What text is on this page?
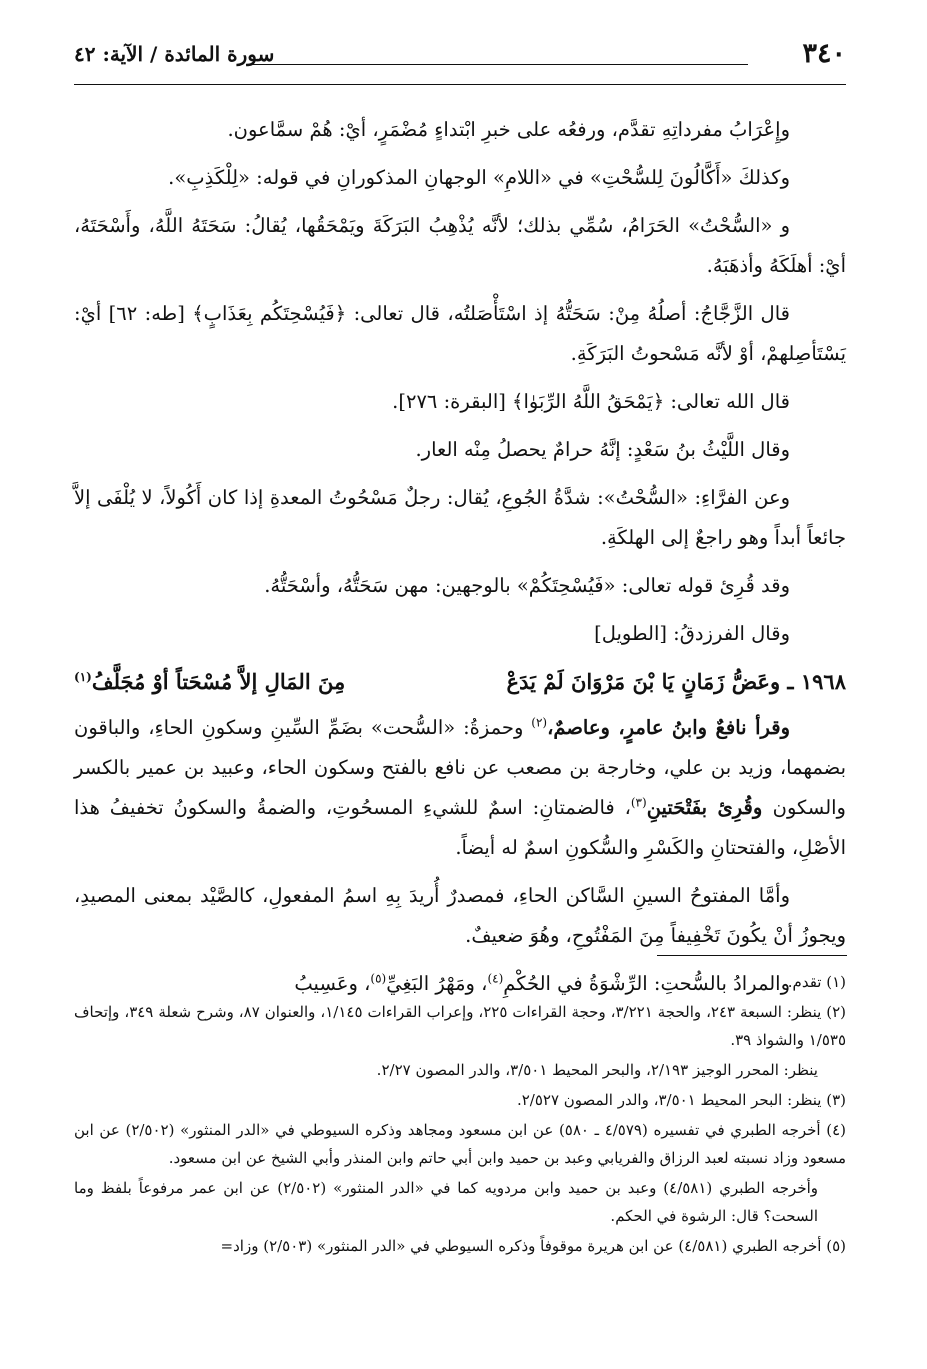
٣٤٠
سورة المائدة / الآية: ٤٢

وإِعْرَابُ مفرداتِهِ تقدَّم، ورفعُه على خبرِ ابْتداءٍ مُضْمَرٍ، أيْ: هُمْ سمَّاعون.

وكذلكَ «أَكَّالُونَ لِلسُّحْتِ» في «اللامِ» الوجهانِ المذكورانِ في قوله: «لِلْكَذِبِ».

و «السُّحْتُ» الحَرَامُ، سُمِّي بذلك؛ لأنَّه يُذْهِبُ البَرَكَةَ ويَمْحَقُها، يُقالُ: سَحَتَهُ اللَّهُ، وأَسْحَتَهُ، أيْ: أهلَكَهُ وأذهَبَهُ.

قال الزَّجَّاجُ: أصلُهُ مِنْ: سَحَتُّهُ إذ اسْتَأْصَلتُه، قال تعالى: ﴿فَيُسْحِتَكُم بِعَذَابٍ﴾ [طه: ٦٢] أيْ: يَسْتَأصِلهمْ، أوْ لأنَّه مَسْحوتُ البَرَكَةِ.

قال الله تعالى: ﴿يَمْحَقُ اللَّهُ الرِّبَوٰا﴾ [البقرة: ٢٧٦].

وقال اللَّيْثُ بنُ سَعْدٍ: إنَّهُ حرامٌ يحصلُ مِنْه العار.

وعن الفرَّاءِ: «السُّحْتُ»: شدَّةُ الجُوعِ، يُقال: رجلٌ مَسْحُوتُ المعدةِ إذا كان أَكُولاً، لا يُلْفَى إلاَّ جائعاً أبداً وهو راجعٌ إلى الهلكَةِ.

وقد قُرِئ قوله تعالى: «فَيُسْحِتَكُمْ» بالوجهين: مهن سَحَتُّهُ، وأسْحَتُّهُ.

وقال الفرزدقُ: [الطويل]

١٩٦٨ ـ وعَضُّ زَمَانٍ يَا بْنَ مَرْوَانَ لَمْ يَدَعْ
مِنَ المَالِ إلاَّ مُسْحَتاً أوْ مُجَلَّفُ$^{(١)}$

وقرأ نافعٌ وابنُ عامرٍ، وعاصمٌ،$^{(٢)}$ وحمزةُ: «السُّحت» بضَمِّ السِّينِ وسكونِ الحاءِ، والباقون بضمهما، وزيد بن علي، وخارجة بن مصعب عن نافع بالفتح وسكون الحاء، وعبيد بن عمير بالكسر والسكون وقُرِئ بفَتْحَتينِ$^{(٣)}$، فالضمتانِ: اسمٌ للشيءِ المسحُوتِ، والضمةُ والسكونُ تخفيفُ هذا الأصْلِ، والفتحتانِ والكَسْرِ والسُّكونِ اسمٌ له أيضاً.

وأمَّا المفتوحُ السينِ السَّاكن الحاءِ، فمصدرٌ أُريدَ بِهِ اسمُ المفعولِ، كالصَّيْد بمعنى المصيدِ، ويجوزُ أنْ يكُونَ تَخْفِيفاً مِنَ المَفْتُوحِ، وهُوَ ضعيفٌ.

والمرادُ بالسُّحتِ: الرِّشْوَةُ في الحُكْمِ$^{(٤)}$، ومَهْرُ البَغِيِّ$^{(٥)}$، وعَسِيبُ	(١) تقدم.

(٢) ينظر: السبعة ٢٤٣، والحجة ٣/٢٢١، وحجة القراءات ٢٢٥، وإعراب القراءات ١/١٤٥، والعنوان ٨٧، وشرح شعلة ٣٤٩، وإتحاف ١/٥٣٥ والشواذ ٣٩.

ينظر: المحرر الوجيز ٢/١٩٣، والبحر المحيط ٣/٥٠١، والدر المصون ٢/٢٧.

(٣) ينظر: البحر المحيط ٣/٥٠١، والدر المصون ٢/٥٢٧.

(٤) أخرجه الطبري في تفسيره (٤/٥٧٩ ـ ٥٨٠) عن ابن مسعود ومجاهد وذكره السيوطي في «الدر المنثور» (٢/٥٠٢) عن ابن مسعود وزاد نسبته لعبد الرزاق والفريابي وعبد بن حميد وابن أبي حاتم وابن المنذر وأبي الشيخ عن ابن مسعود.

وأخرجه الطبري (٤/٥٨١) وعبد بن حميد وابن مردويه كما في «الدر المنثور» (٢/٥٠٢) عن ابن عمر مرفوعاً بلفظ وما السحت؟ قال: الرشوة في الحكم.

(٥) أخرجه الطبري (٤/٥٨١) عن ابن هريرة موقوفاً وذكره السيوطي في «الدر المنثور» (٢/٥٠٣) وزاد=
